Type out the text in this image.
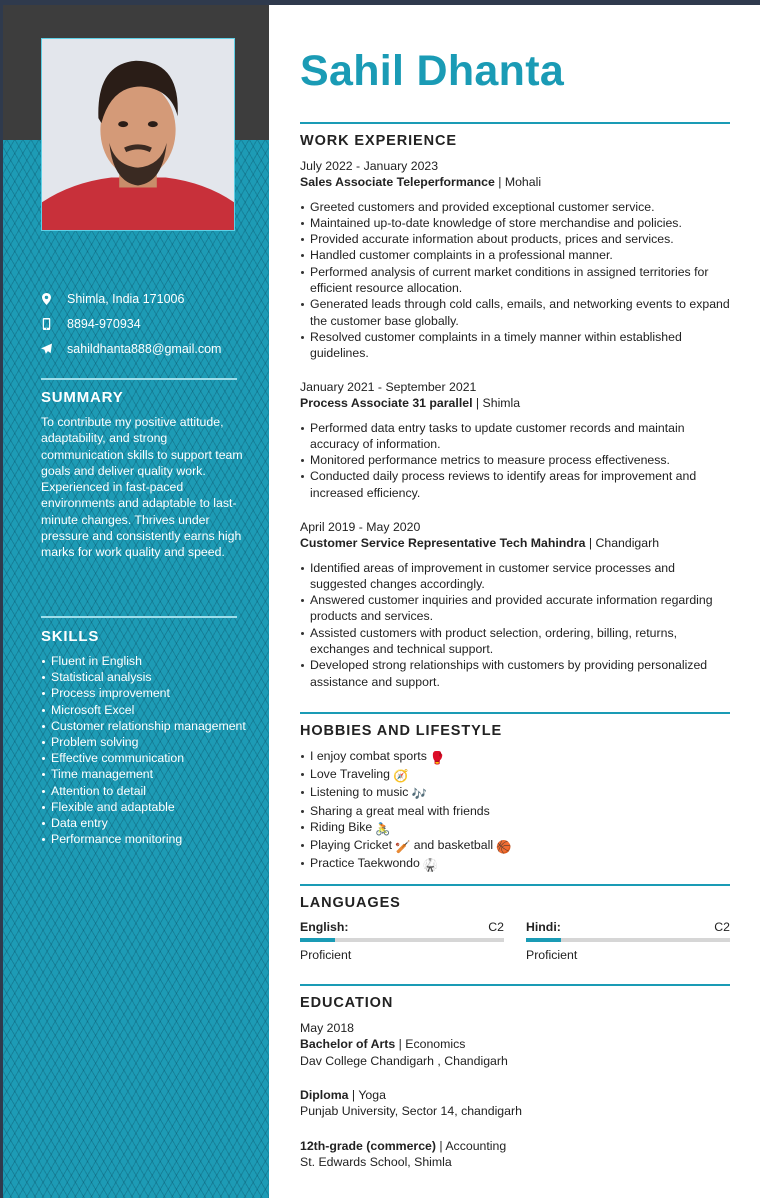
Shimla, India 171006
8894-970934
sahildhanta888@gmail.com
SUMMARY

To contribute my positive attitude, adaptability, and strong communication skills to support team goals and deliver quality work.

Experienced in fast-paced environments and adaptable to last-minute changes. Thrives under pressure and consistently earns high marks for work quality and speed.

SKILLS
Fluent in English
Statistical analysis
Process improvement
Microsoft Excel
Customer relationship management
Problem solving
Effective communication
Time management
Attention to detail
Flexible and adaptable
Data entry
Performance monitoring
Sahil Dhanta
WORK EXPERIENCE
July 2022 - January 2023
Sales Associate Teleperformance | Mohali
Greeted customers and provided exceptional customer service.
Maintained up-to-date knowledge of store merchandise and policies.
Provided accurate information about products, prices and services.
Handled customer complaints in a professional manner.
Performed analysis of current market conditions in assigned territories for efficient resource allocation.
Generated leads through cold calls, emails, and networking events to expand the customer base globally.
Resolved customer complaints in a timely manner within established guidelines.
January 2021 - September 2021
Process Associate 31 parallel | Shimla
Performed data entry tasks to update customer records and maintain accuracy of information.
Monitored performance metrics to measure process effectiveness.
Conducted daily process reviews to identify areas for improvement and increased efficiency.
April 2019 - May 2020
Customer Service Representative Tech Mahindra | Chandigarh
Identified areas of improvement in customer service processes and suggested changes accordingly.
Answered customer inquiries and provided accurate information regarding products and services.
Assisted customers with product selection, ordering, billing, returns, exchanges and technical support.
Developed strong relationships with customers by providing personalized assistance and support.
HOBBIES AND LIFESTYLE
I enjoy combat sports 🥊
Love Traveling 🧭
Listening to music 🎶
Sharing a great meal with friends
Riding Bike 🚴
Playing Cricket 🏏 and basketball 🏀
Practice Taekwondo 🥋
LANGUAGES
English:	C2
Proficient
Hindi:	C2
Proficient
EDUCATION
May 2018
Bachelor of Arts | Economics
Dav College Chandigarh , Chandigarh
Diploma | Yoga
Punjab University, Sector 14, chandigarh
12th-grade (commerce) | Accounting
St. Edwards School, Shimla
